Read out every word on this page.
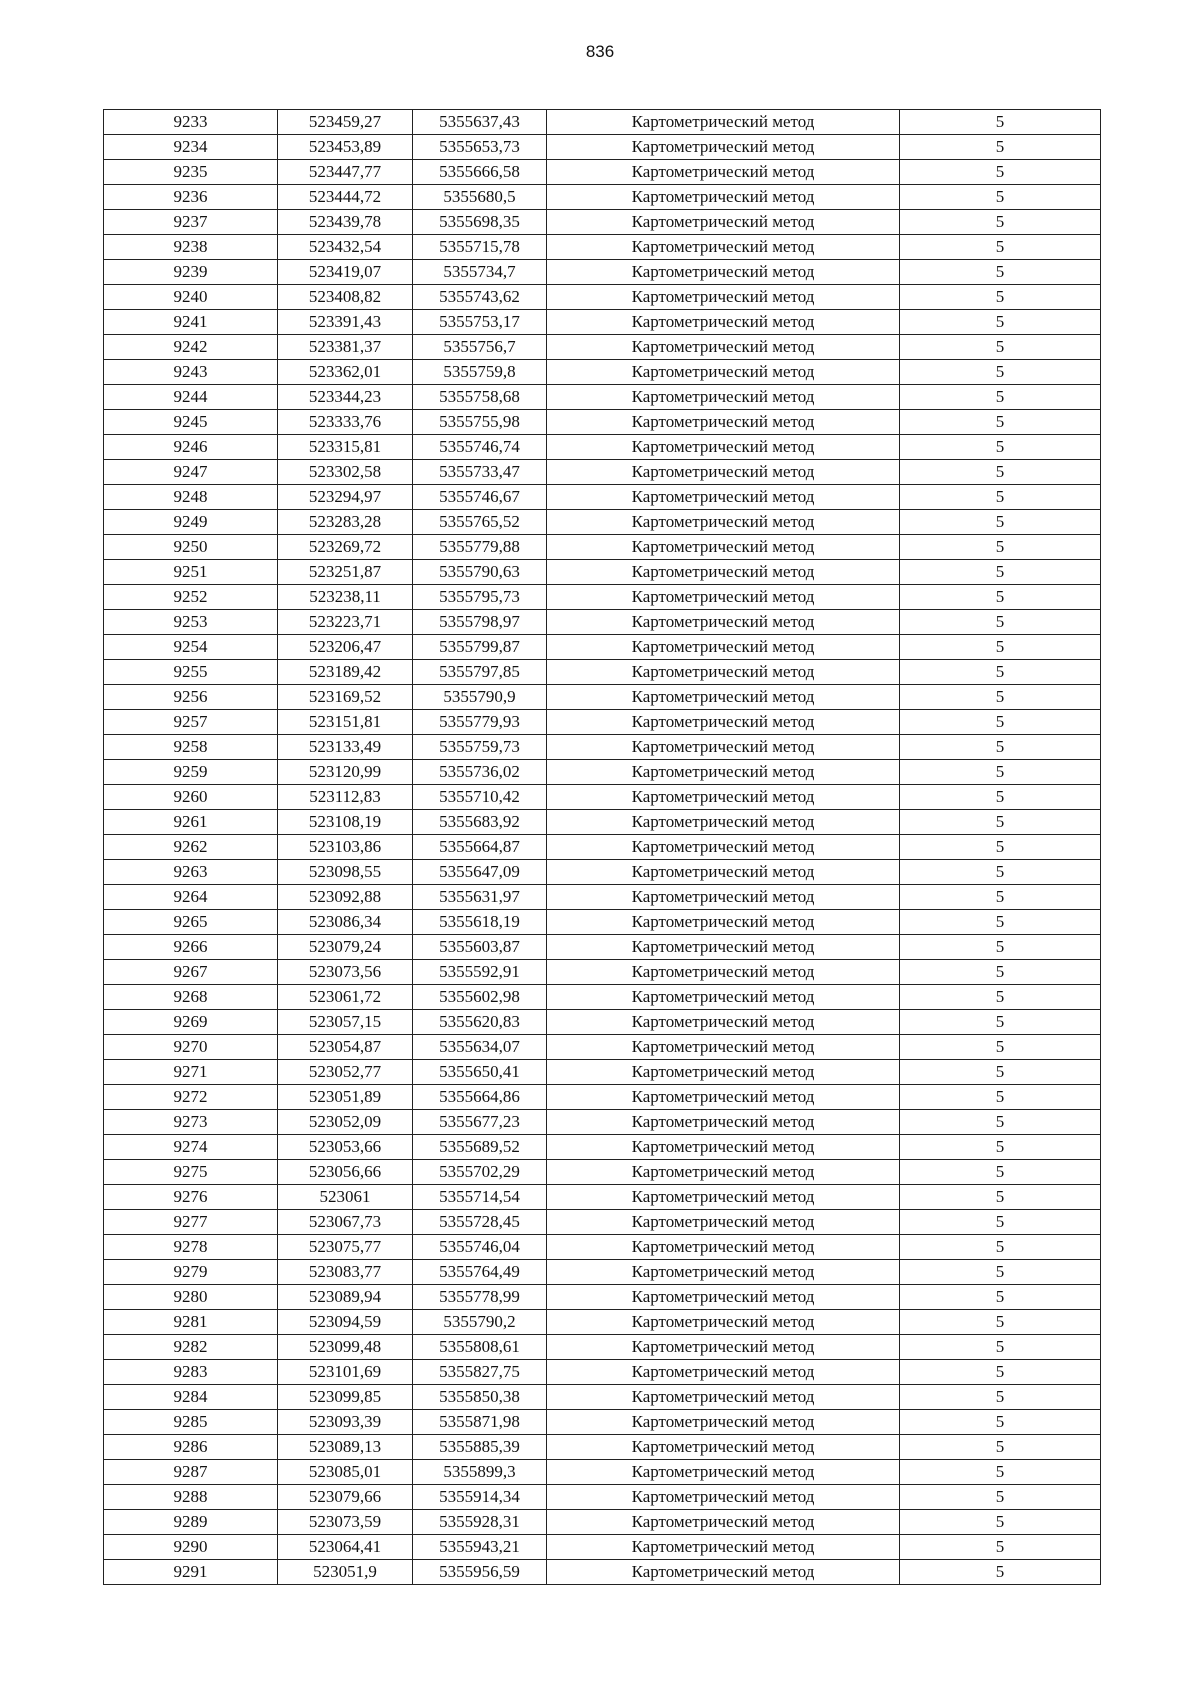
836
9233	523459,27	5355637,43	Картометрический метод	5
9234	523453,89	5355653,73	Картометрический метод	5
9235	523447,77	5355666,58	Картометрический метод	5
9236	523444,72	5355680,5	Картометрический метод	5
9237	523439,78	5355698,35	Картометрический метод	5
9238	523432,54	5355715,78	Картометрический метод	5
9239	523419,07	5355734,7	Картометрический метод	5
9240	523408,82	5355743,62	Картометрический метод	5
9241	523391,43	5355753,17	Картометрический метод	5
9242	523381,37	5355756,7	Картометрический метод	5
9243	523362,01	5355759,8	Картометрический метод	5
9244	523344,23	5355758,68	Картометрический метод	5
9245	523333,76	5355755,98	Картометрический метод	5
9246	523315,81	5355746,74	Картометрический метод	5
9247	523302,58	5355733,47	Картометрический метод	5
9248	523294,97	5355746,67	Картометрический метод	5
9249	523283,28	5355765,52	Картометрический метод	5
9250	523269,72	5355779,88	Картометрический метод	5
9251	523251,87	5355790,63	Картометрический метод	5
9252	523238,11	5355795,73	Картометрический метод	5
9253	523223,71	5355798,97	Картометрический метод	5
9254	523206,47	5355799,87	Картометрический метод	5
9255	523189,42	5355797,85	Картометрический метод	5
9256	523169,52	5355790,9	Картометрический метод	5
9257	523151,81	5355779,93	Картометрический метод	5
9258	523133,49	5355759,73	Картометрический метод	5
9259	523120,99	5355736,02	Картометрический метод	5
9260	523112,83	5355710,42	Картометрический метод	5
9261	523108,19	5355683,92	Картометрический метод	5
9262	523103,86	5355664,87	Картометрический метод	5
9263	523098,55	5355647,09	Картометрический метод	5
9264	523092,88	5355631,97	Картометрический метод	5
9265	523086,34	5355618,19	Картометрический метод	5
9266	523079,24	5355603,87	Картометрический метод	5
9267	523073,56	5355592,91	Картометрический метод	5
9268	523061,72	5355602,98	Картометрический метод	5
9269	523057,15	5355620,83	Картометрический метод	5
9270	523054,87	5355634,07	Картометрический метод	5
9271	523052,77	5355650,41	Картометрический метод	5
9272	523051,89	5355664,86	Картометрический метод	5
9273	523052,09	5355677,23	Картометрический метод	5
9274	523053,66	5355689,52	Картометрический метод	5
9275	523056,66	5355702,29	Картометрический метод	5
9276	523061	5355714,54	Картометрический метод	5
9277	523067,73	5355728,45	Картометрический метод	5
9278	523075,77	5355746,04	Картометрический метод	5
9279	523083,77	5355764,49	Картометрический метод	5
9280	523089,94	5355778,99	Картометрический метод	5
9281	523094,59	5355790,2	Картометрический метод	5
9282	523099,48	5355808,61	Картометрический метод	5
9283	523101,69	5355827,75	Картометрический метод	5
9284	523099,85	5355850,38	Картометрический метод	5
9285	523093,39	5355871,98	Картометрический метод	5
9286	523089,13	5355885,39	Картометрический метод	5
9287	523085,01	5355899,3	Картометрический метод	5
9288	523079,66	5355914,34	Картометрический метод	5
9289	523073,59	5355928,31	Картометрический метод	5
9290	523064,41	5355943,21	Картометрический метод	5
9291	523051,9	5355956,59	Картометрический метод	5
